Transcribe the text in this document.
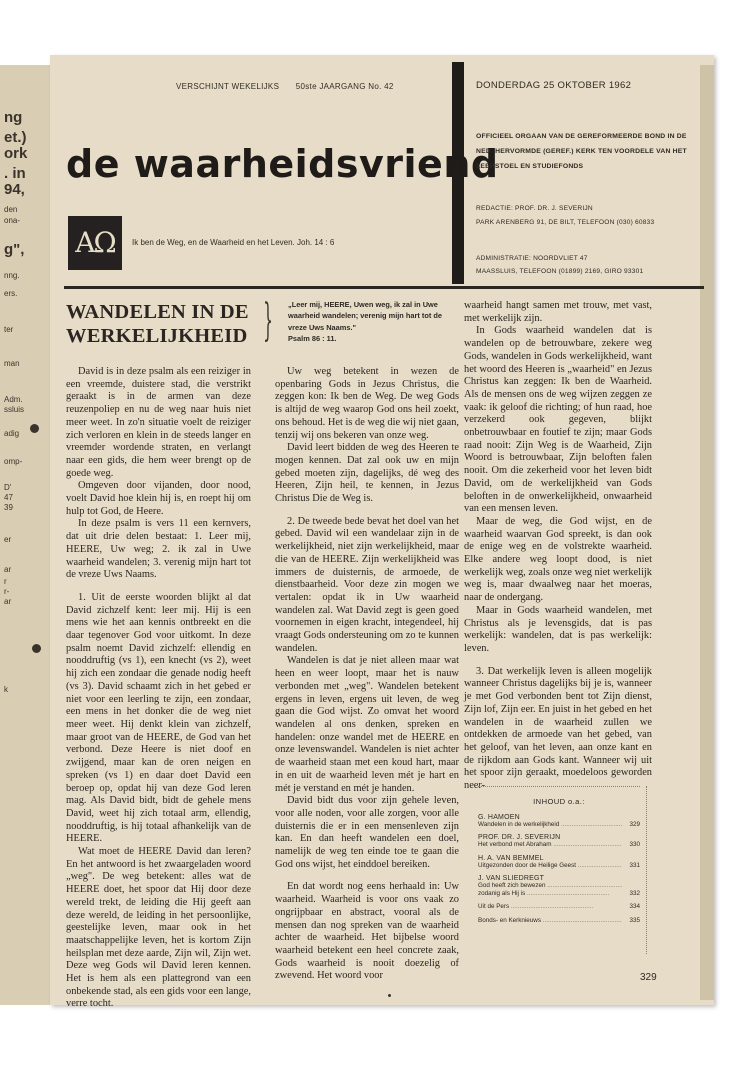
ng
et.)
ork
. in
94,
den
ona-
g",
nng.
ers.
ter
man
Adm.
ssluis
adig
omp-
D'
47
39
er
ar
r
r-
ar
k
VERSCHIJNT WEKELIJKS 50ste JAARGANG No. 42
de waarheidsvriend
AΩ	Ik ben de Weg, en de Waarheid en het Leven. Joh. 14 : 6
DONDERDAG 25 OKTOBER 1962
OFFICIEEL ORGAAN VAN DE GEREFORMEERDE BOND IN DE NED. HERVORMDE (GEREF.) KERK TEN VOORDELE VAN HET LEERSTOEL EN STUDIEFONDS
REDACTIE: PROF. DR. J. SEVERIJN
PARK ARENBERG 91, DE BILT, TELEFOON (030) 60833
ADMINISTRATIE: NOORDVLIET 47
MAASSLUIS, TELEFOON (01899) 2169, GIRO 93301
WANDELEN IN DE WERKELIJKHEID } „Leer mij, HEERE, Uwen weg, ik zal in Uwe waarheid wandelen; verenig mijn hart tot de vreze Uws Naams."
Psalm 86 : 11.

David is in deze psalm als een reiziger in een vreemde, duistere stad, die verstrikt geraakt is in de armen van deze reuzenpoliep en nu de weg naar huis niet meer weet. In zo'n situatie voelt de reiziger zich verloren en klein in de steeds langer en vreemder wordende straten, en verlangt naar een gids, die hem weer brengt op de goede weg.

Omgeven door vijanden, door nood, voelt David hoe klein hij is, en roept hij om hulp tot God, de Heere.

In deze psalm is vers 11 een kernvers, dat uit drie delen bestaat: 1. Leer mij, HEERE, Uw weg; 2. ik zal in Uwe waarheid wandelen; 3. verenig mijn hart tot de vreze Uws Naams.

1. Uit de eerste woorden blijkt al dat David zichzelf kent: leer mij. Hij is een mens wie het aan kennis ontbreekt en die daar tegenover God voor uitkomt. In deze psalm noemt David zichzelf: ellendig en nooddruftig (vs 1), een knecht (vs 2), weet hij zich een zondaar die genade nodig heeft (vs 3). David schaamt zich in het gebed er niet voor een leerling te zijn, een zondaar, een mens in het donker die de weg niet meer weet. Hij denkt klein van zichzelf, maar groot van de HEERE, de God van het verbond. Deze Heere is niet doof en zwijgend, maar kan de oren neigen en spreken (vs 1) en daar doet David een beroep op, opdat hij van deze God leren mag. Als David bidt, bidt de gehele mens David, weet hij zich totaal arm, ellendig, nooddruftig, is hij totaal afhankelijk van de HEERE.

Wat moet de HEERE David dan leren? En het antwoord is het zwaargeladen woord „weg". De weg betekent: alles wat de HEERE doet, het spoor dat Hij door deze wereld trekt, de leiding die Hij geeft aan deze wereld, de leiding in het persoonlijke, geestelijke leven, maar ook in het maatschappelijke leven, het is kortom Zijn heilsplan met deze aarde, Zijn wil, Zijn wet. Deze weg Gods wil David leren kennen. Het is hem als een plattegrond van een onbekende stad, als een gids voor een lange, verre tocht.

Uw weg betekent in wezen de openbaring Gods in Jezus Christus, die zeggen kon: Ik ben de Weg. De weg Gods is altijd de weg waarop God ons heil zoekt, ons behoud. Het is de weg die wij niet gaan, tenzij wij ons bekeren van onze weg.

David leert bidden de weg des Heeren te mogen kennen. Dat zal ook uw en mijn gebed moeten zijn, dagelijks, dé weg des Heeren, Zijn heil, te kennen, in Jezus Christus Die de Weg is.

2. De tweede bede bevat het doel van het gebed. David wil een wandelaar zijn in de werkelijkheid, niet zijn werkelijkheid, maar die van de HEERE. Zijn werkelijkheid was immers de duisternis, de armoede, de dienstbaarheid. Voor deze zin mogen we vertalen: opdat ik in Uw waarheid wandelen zal. Wat David zegt is geen goed voornemen in eigen kracht, integendeel, hij vraagt Gods ondersteuning om zo te kunnen wandelen.

Wandelen is dat je niet alleen maar wat heen en weer loopt, maar het is nauw verbonden met „weg". Wandelen betekent ergens in leven, ergens uit leven, de weg gaan die God wijst. Zo omvat het woord wandelen al ons denken, spreken en handelen: onze wandel met de HEERE en onze levenswandel. Wandelen is niet achter de waarheid staan met een koud hart, maar in en uit de waarheid leven mét je hart en mét je verstand en mét je handen.

David bidt dus voor zijn gehele leven, voor alle noden, voor alle zorgen, voor alle duisternis die er in een mensenleven zijn kan. En dan heeft wandelen een doel, namelijk de weg ten einde toe te gaan die God ons wijst, het einddoel bereiken.

En dat wordt nog eens herhaald in: Uw waarheid. Waarheid is voor ons vaak zo ongrijpbaar en abstract, vooral als de mensen dan nog spreken van de waarheid achter de waarheid. Het bijbelse woord waarheid betekent een heel concrete zaak, Gods waarheid is nooit doezelig of zwevend. Het woord voor

waarheid hangt samen met trouw, met vast, met werkelijk zijn.

In Gods waarheid wandelen dat is wandelen op de betrouwbare, zekere weg Gods, wandelen in Gods werkelijkheid, want het woord des Heeren is „waarheid" en Jezus Christus kan zeggen: Ik ben de Waarheid. Als de mensen ons de weg wijzen zeggen ze vaak: ik geloof die richting; of hun raad, hoe verzekerd ook gegeven, blijkt onbetrouwbaar en foutief te zijn; maar Gods raad nooit: Zijn Weg is de Waarheid, Zijn Woord is betrouwbaar, Zijn beloften falen nooit. Om die zekerheid voor het leven bidt David, om de werkelijkheid van Gods beloften in de onwerkelijkheid, onwaarheid van een mensen leven.

Maar de weg, die God wijst, en de waarheid waarvan God spreekt, is dan ook de enige weg en de volstrekte waarheid. Elke andere weg loopt dood, is niet werkelijk weg, zoals onze weg niet werkelijk weg is, maar dwaalweg naar het moeras, naar de ondergang.

Maar in Gods waarheid wandelen, met Christus als je levensgids, dat is pas werkelijk: wandelen, dat is pas werkelijk: leven.

3. Dat werkelijk leven is alleen mogelijk wanneer Christus dagelijks bij je is, wanneer je met God verbonden bent tot Zijn dienst, Zijn lof, Zijn eer. En juist in het gebed en het wandelen in de waarheid zullen we ontdekken de armoede van het gebed, van het geloof, van het leven, aan onze kant en de rijkdom aan Gods kant. Wanneer wij uit het spoor zijn geraakt, moedeloos geworden neer-

INHOUD o.a.:
G. HAMOEN
Wandelen in de werkelijkheid .....	329
PROF. DR. J. SEVERIJN
Het verbond met Abraham .....	330
H. A. VAN BEMMEL
Uitgezonden door de Heilige Geest .....	331
J. VAN SLIEDREGT
God heeft zich bewezen .....
zodanig als Hij is .....	332
Uit de Pers .....	334
Bonds- en Kerknieuws .....	335
329
